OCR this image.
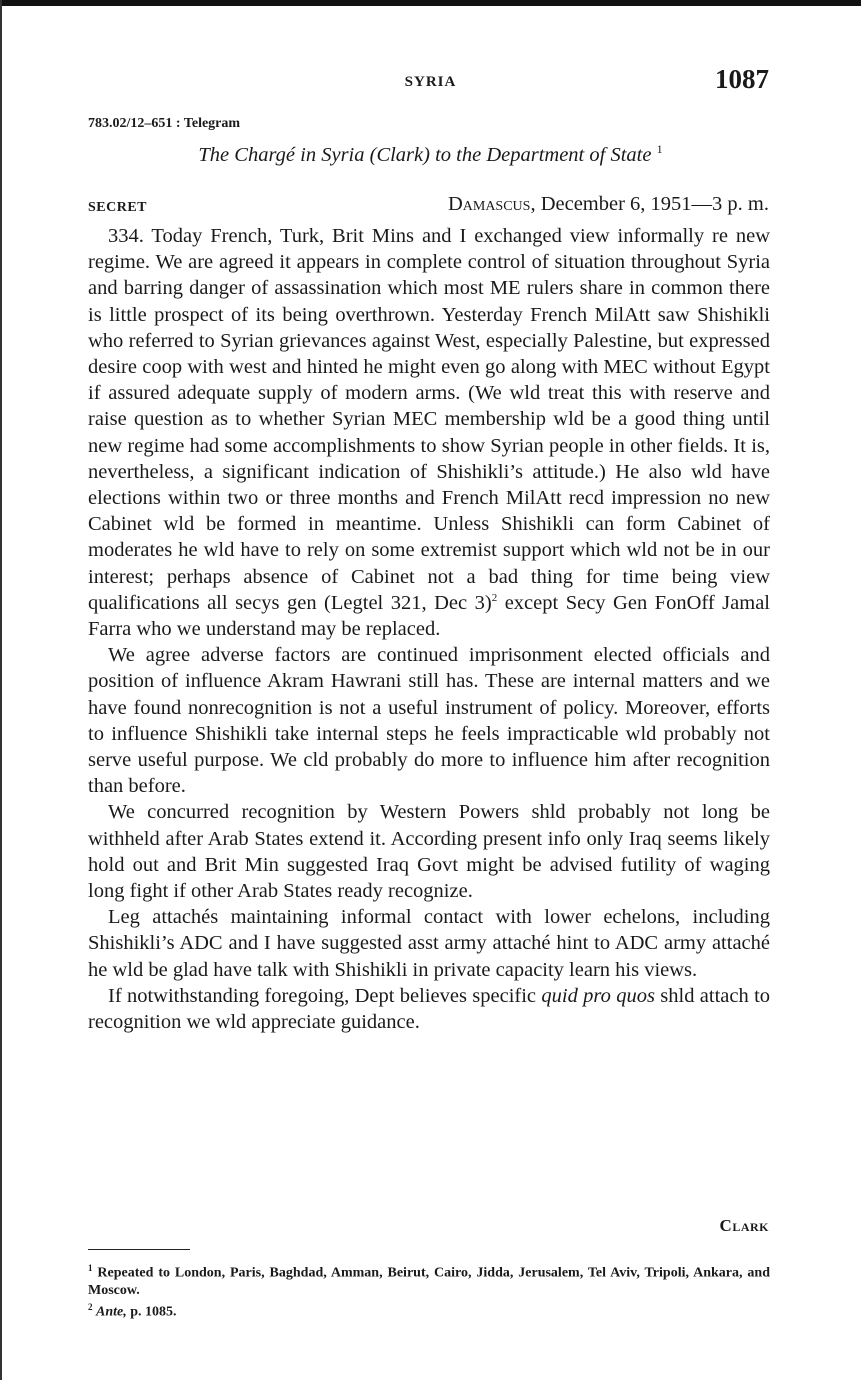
SYRIA	1087
783.02/12–651 : Telegram
The Chargé in Syria (Clark) to the Department of State $^1$
SECRET	Damascus, December 6, 1951—3 p. m.

334. Today French, Turk, Brit Mins and I exchanged view informally re new regime. We are agreed it appears in complete control of situation throughout Syria and barring danger of assassination which most ME rulers share in common there is little prospect of its being overthrown. Yesterday French MilAtt saw Shishikli who referred to Syrian grievances against West, especially Palestine, but expressed desire coop with west and hinted he might even go along with MEC without Egypt if assured adequate supply of modern arms. (We wld treat this with reserve and raise question as to whether Syrian MEC membership wld be a good thing until new regime had some accomplishments to show Syrian people in other fields. It is, nevertheless, a significant indication of Shishikli’s attitude.) He also wld have elections within two or three months and French MilAtt recd impression no new Cabinet wld be formed in meantime. Unless Shishikli can form Cabinet of moderates he wld have to rely on some extremist support which wld not be in our interest; perhaps absence of Cabinet not a bad thing for time being view qualifications all secys gen (Legtel 321, Dec 3)$^2$ except Secy Gen FonOff Jamal Farra who we understand may be replaced.

We agree adverse factors are continued imprisonment elected officials and position of influence Akram Hawrani still has. These are internal matters and we have found nonrecognition is not a useful instrument of policy. Moreover, efforts to influence Shishikli take internal steps he feels impracticable wld probably not serve useful purpose. We cld probably do more to influence him after recognition than before.

We concurred recognition by Western Powers shld probably not long be withheld after Arab States extend it. According present info only Iraq seems likely hold out and Brit Min suggested Iraq Govt might be advised futility of waging long fight if other Arab States ready recognize.

Leg attachés maintaining informal contact with lower echelons, including Shishikli’s ADC and I have suggested asst army attaché hint to ADC army attaché he wld be glad have talk with Shishikli in private capacity learn his views.

If notwithstanding foregoing, Dept believes specific quid pro quos shld attach to recognition we wld appreciate guidance.

Clark

$^1$ Repeated to London, Paris, Baghdad, Amman, Beirut, Cairo, Jidda, Jerusalem, Tel Aviv, Tripoli, Ankara, and Moscow.

$^2$ Ante, p. 1085.
